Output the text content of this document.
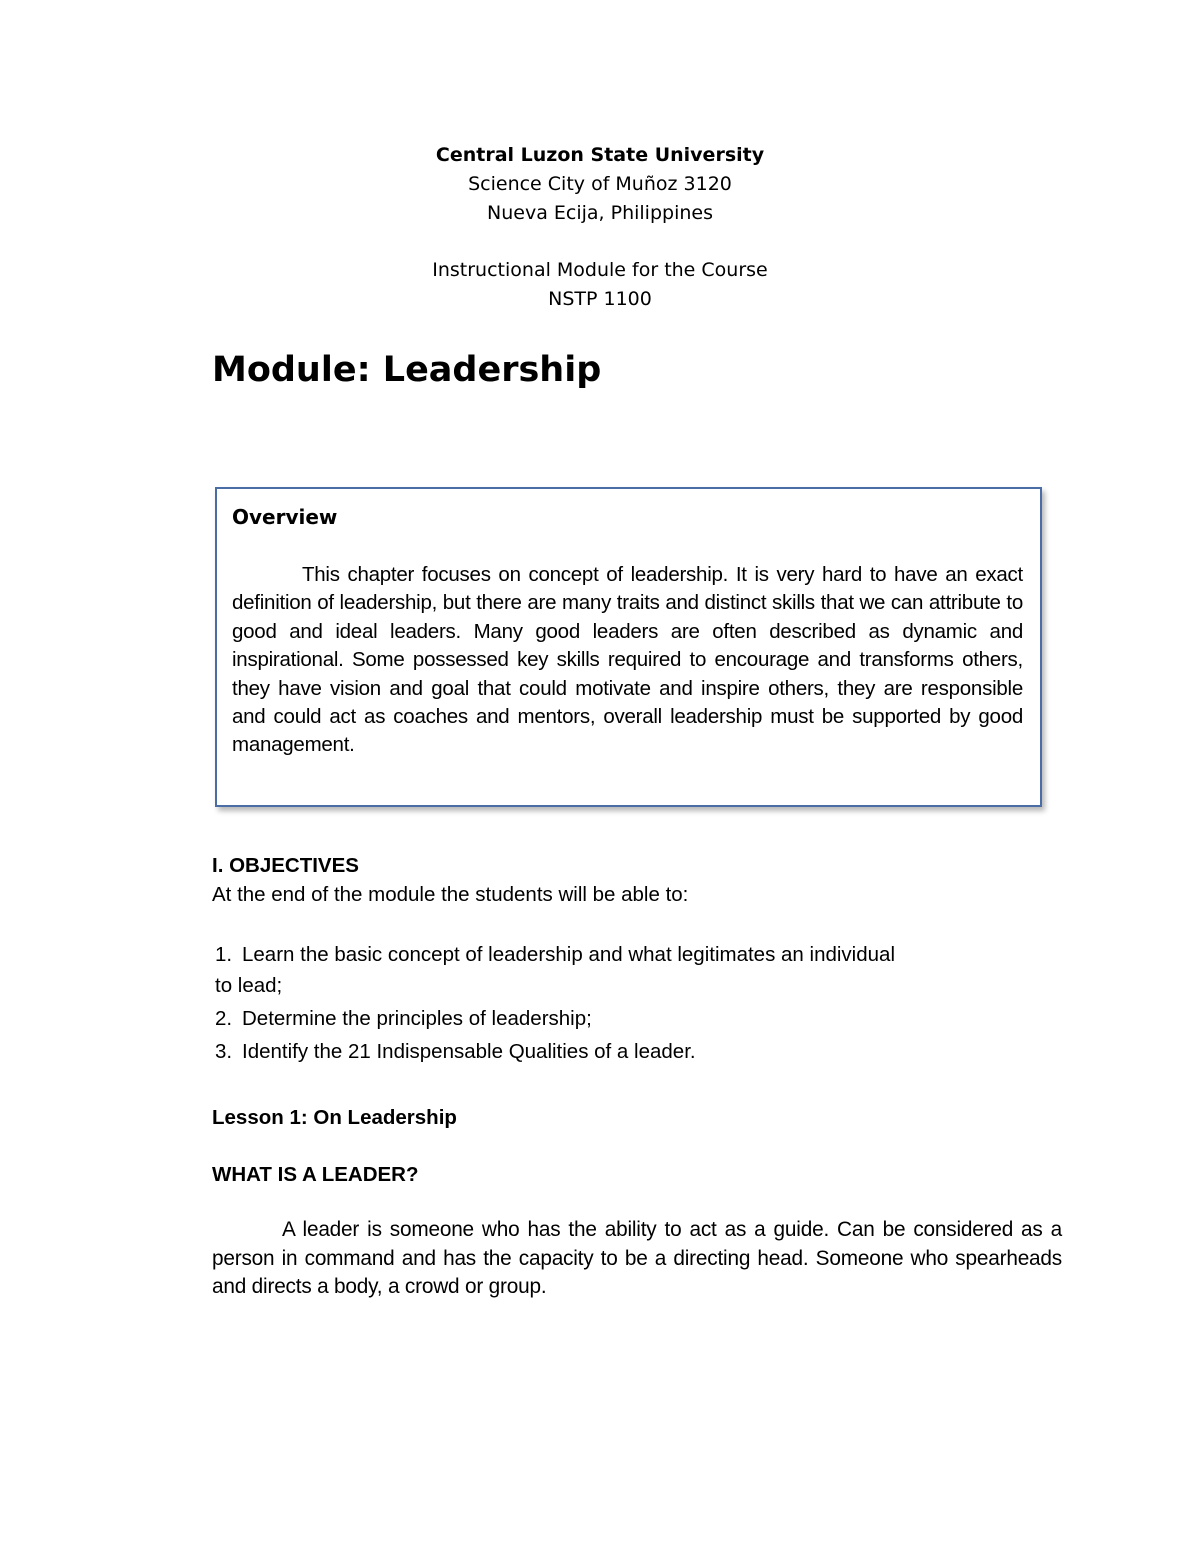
Central Luzon State University
Science City of Muñoz 3120
Nueva Ecija, Philippines
Instructional Module for the Course
NSTP 1100
Module: Leadership
Overview

This chapter focuses on concept of leadership. It is very hard to have an exact definition of leadership, but there are many traits and distinct skills that we can attribute to good and ideal leaders. Many good leaders are often described as dynamic and inspirational. Some possessed key skills required to encourage and transforms others, they have vision and goal that could motivate and inspire others, they are responsible and could act as coaches and mentors, overall leadership must be supported by good management.

I. OBJECTIVES

At the end of the module the students will be able to:

1. Learn the basic concept of leadership and what legitimates an individual
to lead;
2. Determine the principles of leadership;
3. Identify the 21 Indispensable Qualities of a leader.
Lesson 1: On Leadership
WHAT IS A LEADER?

A leader is someone who has the ability to act as a guide. Can be considered as a person in command and has the capacity to be a directing head. Someone who spearheads and directs a body, a crowd or group.
